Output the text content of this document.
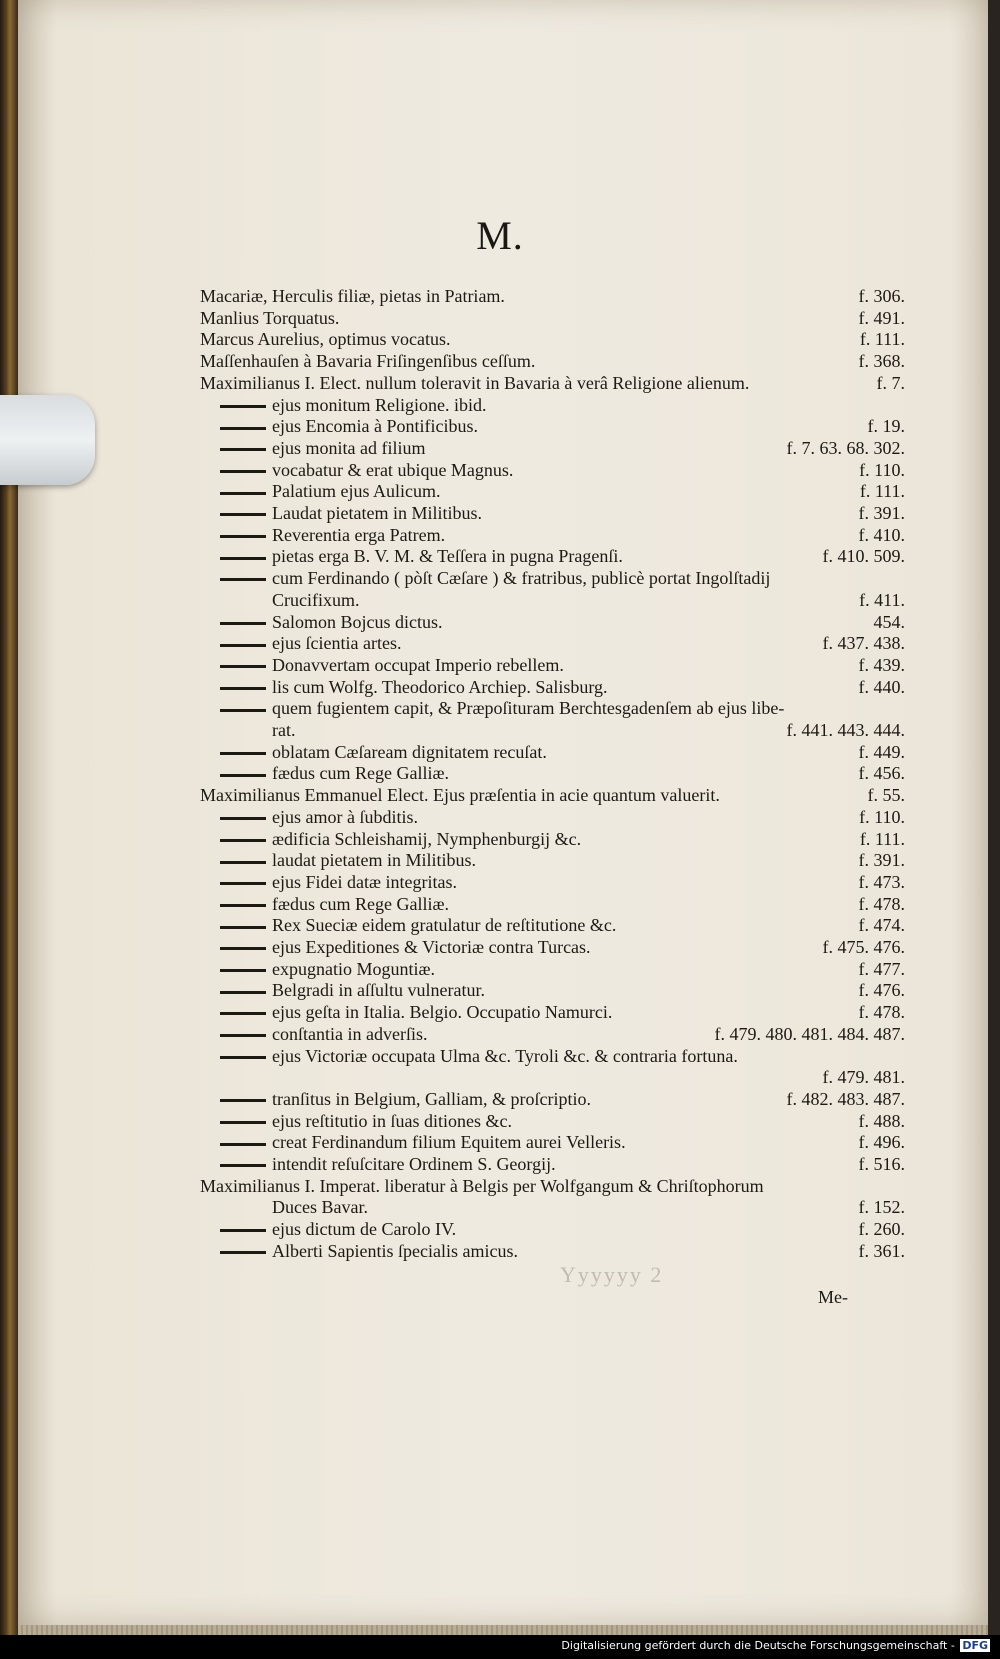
M.
Macariæ, Herculis filiæ, pietas in Patriam.	f. 306.
Manlius Torquatus.	f. 491.
Marcus Aurelius, optimus vocatus.	f. 111.
Maſſenhauſen à Bavaria Friſingenſibus ceſſum.	f. 368.
Maximilianus I. Elect. nullum toleravit in Bavaria à verâ Religione alienum.	f. 7.
ejus monitum Religione. ibid.
ejus Encomia à Pontificibus.	f. 19.
ejus monita ad filium	f. 7. 63. 68. 302.
vocabatur & erat ubique Magnus.	f. 110.
Palatium ejus Aulicum.	f. 111.
Laudat pietatem in Militibus.	f. 391.
Reverentia erga Patrem.	f. 410.
pietas erga B. V. M. & Teſſera in pugna Pragenſi.	f. 410. 509.
cum Ferdinando ( pòſt Cæſare ) & fratribus, publicè portat Ingolſtadij
Crucifixum.	f. 411.
Salomon Bojcus dictus.	454.
ejus ſcientia artes.	f. 437. 438.
Donavvertam occupat Imperio rebellem.	f. 439.
lis cum Wolfg. Theodorico Archiep. Salisburg.	f. 440.
quem fugientem capit, & Præpoſituram Berchtesgadenſem ab ejus libe-
rat.	f. 441. 443. 444.
oblatam Cæſaream dignitatem recuſat.	f. 449.
fædus cum Rege Galliæ.	f. 456.
Maximilianus Emmanuel Elect. Ejus præſentia in acie quantum valuerit.	f. 55.
ejus amor à ſubditis.	f. 110.
ædificia Schleishamij, Nymphenburgij &c.	f. 111.
laudat pietatem in Militibus.	f. 391.
ejus Fidei datæ integritas.	f. 473.
fædus cum Rege Galliæ.	f. 478.
Rex Sueciæ eidem gratulatur de reſtitutione &c.	f. 474.
ejus Expeditiones & Victoriæ contra Turcas.	f. 475. 476.
expugnatio Moguntiæ.	f. 477.
Belgradi in aſſultu vulneratur.	f. 476.
ejus geſta in Italia. Belgio. Occupatio Namurci.	f. 478.
conſtantia in adverſis.	f. 479. 480. 481. 484. 487.
ejus Victoriæ occupata Ulma &c. Tyroli &c. & contraria fortuna.
f. 479. 481.
tranſitus in Belgium, Galliam, & proſcriptio.	f. 482. 483. 487.
ejus reſtitutio in ſuas ditiones &c.	f. 488.
creat Ferdinandum filium Equitem aurei Velleris.	f. 496.
intendit reſuſcitare Ordinem S. Georgij.	f. 516.
Maximilianus I. Imperat. liberatur à Belgis per Wolfgangum & Chriſtophorum
Duces Bavar.	f. 152.
ejus dictum de Carolo IV.	f. 260.
Alberti Sapientis ſpecialis amicus.	f. 361.
Yyyyyy 2
Me-
Digitalisierung gefördert durch die Deutsche Forschungsgemeinschaft - DFG
